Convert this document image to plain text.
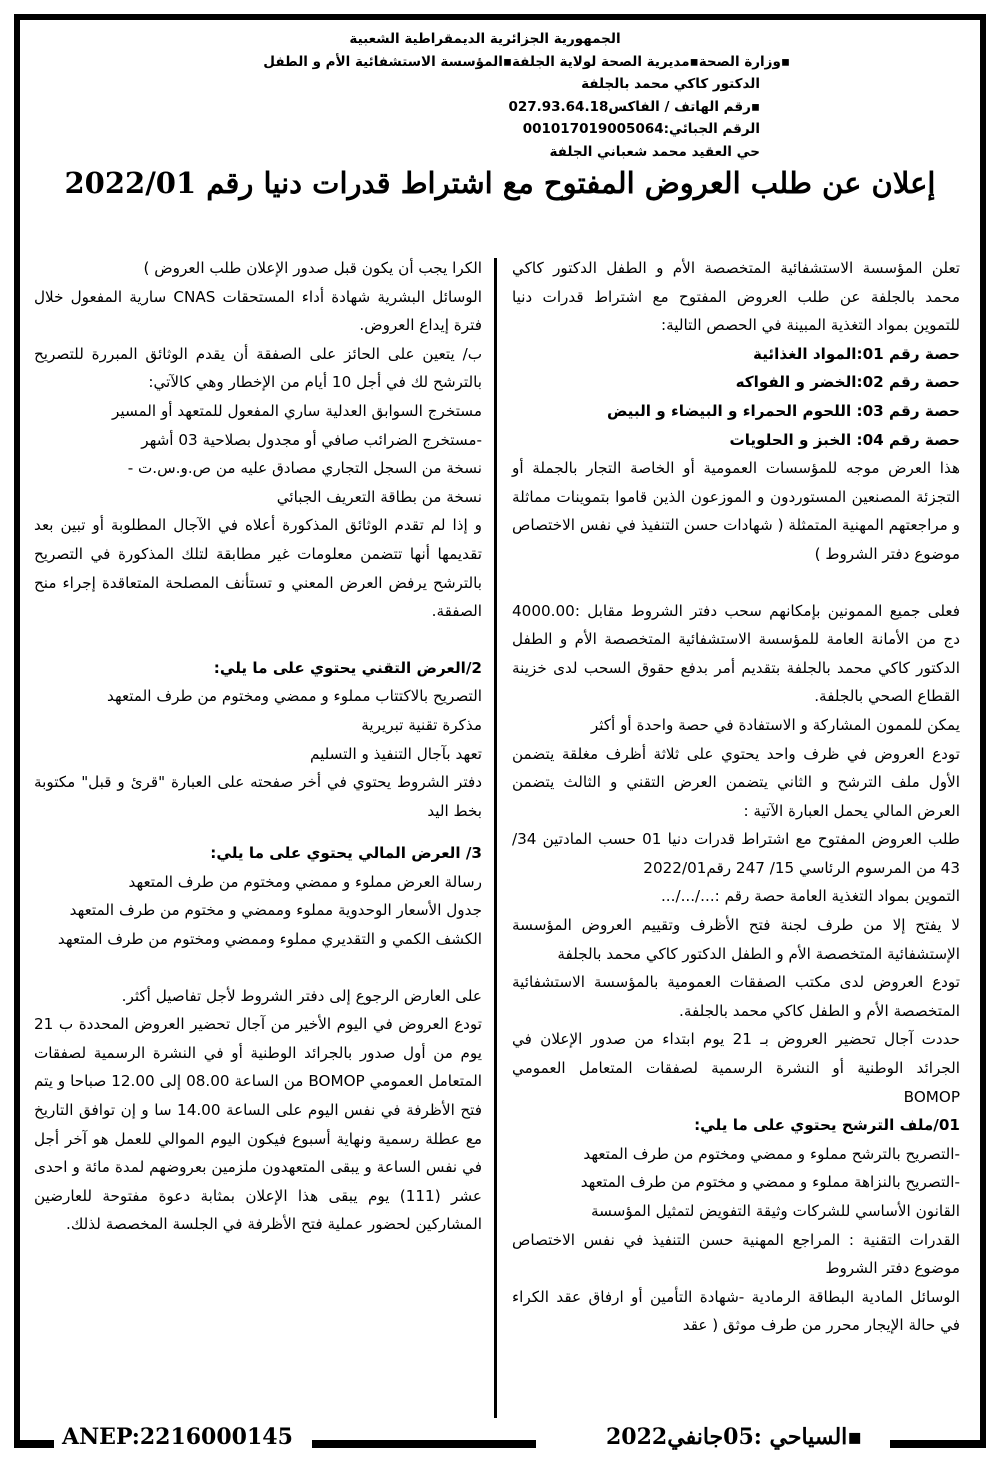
الجمهورية الجزائرية الديمقراطية الشعبية
▪وزارة الصحة▪مديرية الصحة لولاية الجلفة▪المؤسسة الاستشفائية الأم و الطفل
الدكتور كاكي محمد بالجلفة
▪رقم الهاتف / الفاكس027.93.64.18
الرقم الجبائي:001017019005064
حي العقيد محمد شعباني الجلفة
إعلان عن طلب العروض المفتوح مع اشتراط قدرات دنيا رقم 2022/01

تعلن المؤسسة الاستشفائية المتخصصة الأم و الطفل الدكتور كاكي محمد بالجلفة عن طلب العروض المفتوح مع اشتراط قدرات دنيا للتموين بمواد التغذية المبينة في الحصص التالية:

حصة رقم 01:المواد الغذائية

حصة رقم 02:الخضر و الفواكه

حصة رقم 03: اللحوم الحمراء و البيضاء و البيض

حصة رقم 04: الخبز و الحلويات

هذا العرض موجه للمؤسسات العمومية أو الخاصة التجار بالجملة أو التجزئة المصنعين المستوردون و الموزعون الذين قاموا بتموينات مماثلة و مراجعتهم المهنية المتمثلة ( شهادات حسن التنفيذ في نفس الاختصاص موضوع دفتر الشروط )

فعلى جميع الممونين بإمكانهم سحب دفتر الشروط مقابل :4000.00 دج من الأمانة العامة للمؤسسة الاستشفائية المتخصصة الأم و الطفل الدكتور كاكي محمد بالجلفة بتقديم أمر بدفع حقوق السحب لدى خزينة القطاع الصحي بالجلفة.

يمكن للممون المشاركة و الاستفادة في حصة واحدة أو أكثر

تودع العروض في ظرف واحد يحتوي على ثلاثة أظرف مغلقة يتضمن الأول ملف الترشح و الثاني يتضمن العرض التقني و الثالث يتضمن العرض المالي يحمل العبارة الآتية :

طلب العروض المفتوح مع اشتراط قدرات دنيا 01 حسب المادتين 34/ 43 من المرسوم الرئاسي 15/ 247 رقم2022/01

التموين بمواد التغذية العامة حصة رقم :.../.../...

لا يفتح إلا من طرف لجنة فتح الأظرف وتقييم العروض المؤسسة الإستشفائية المتخصصة الأم و الطفل الدكتور كاكي محمد بالجلفة

تودع العروض لدى مكتب الصفقات العمومية بالمؤسسة الاستشفائية المتخصصة الأم و الطفل كاكي محمد بالجلفة.

حددت آجال تحضير العروض بـ 21 يوم ابتداء من صدور الإعلان في الجرائد الوطنية أو النشرة الرسمية لصفقات المتعامل العمومي BOMOP

01/ملف الترشح يحتوي على ما يلي:

-التصريح بالترشح مملوء و ممضي ومختوم من طرف المتعهد

-التصريح بالنزاهة مملوء و ممضي و مختوم من طرف المتعهد

القانون الأساسي للشركات وثيقة التفويض لتمثيل المؤسسة

القدرات التقنية : المراجع المهنية حسن التنفيذ في نفس الاختصاص موضوع دفتر الشروط

الوسائل المادية البطاقة الرمادية -شهادة التأمين أو ارفاق عقد الكراء في حالة الإيجار محرر من طرف موثق ( عقد

الكرا يجب أن يكون قبل صدور الإعلان طلب العروض )

الوسائل البشرية شهادة أداء المستحقات CNAS سارية المفعول خلال فترة إيداع العروض.

ب/ يتعين على الحائز على الصفقة أن يقدم الوثائق المبررة للتصريح بالترشح لك في أجل 10 أيام من الإخطار وهي كالآتي:

مستخرج السوابق العدلية ساري المفعول للمتعهد أو المسير

-مستخرج الضرائب صافي أو مجدول بصلاحية 03 أشهر

نسخة من السجل التجاري مصادق عليه من ص.و.س.ت -

نسخة من بطاقة التعريف الجبائي

و إذا لم تقدم الوثائق المذكورة أعلاه في الآجال المطلوبة أو تبين بعد تقديمها أنها تتضمن معلومات غير مطابقة لتلك المذكورة في التصريح بالترشح يرفض العرض المعني و تستأنف المصلحة المتعاقدة إجراء منح الصفقة.

2/العرض التقني يحتوي على ما يلي:

التصريح بالاكتتاب مملوء و ممضي ومختوم من طرف المتعهد

مذكرة تقنية تبريرية

تعهد بآجال التنفيذ و التسليم

دفتر الشروط يحتوي في أخر صفحته على العبارة "قرئ و قبل" مكتوبة بخط اليد

3/ العرض المالي يحتوي على ما يلي:

رسالة العرض مملوء و ممضي ومختوم من طرف المتعهد

جدول الأسعار الوحدوية مملوء وممضي و مختوم من طرف المتعهد

الكشف الكمي و التقديري مملوء وممضي ومختوم من طرف المتعهد

على العارض الرجوع إلى دفتر الشروط لأجل تفاصيل أكثر.

تودع العروض في اليوم الأخير من آجال تحضير العروض المحددة ب 21 يوم من أول صدور بالجرائد الوطنية أو في النشرة الرسمية لصفقات المتعامل العمومي BOMOP من الساعة 08.00 إلى 12.00 صباحا و يتم فتح الأظرفة في نفس اليوم على الساعة 14.00 سا و إن توافق التاريخ مع عطلة رسمية ونهاية أسبوع فيكون اليوم الموالي للعمل هو آخر أجل في نفس الساعة و يبقى المتعهدون ملزمين بعروضهم لمدة مائة و احدى عشر (111) يوم يبقى هذا الإعلان بمثابة دعوة مفتوحة للعارضين المشاركين لحضور عملية فتح الأظرفة في الجلسة المخصصة لذلك.

ANEP:2216000145	▪السياحي :05جانفي2022
